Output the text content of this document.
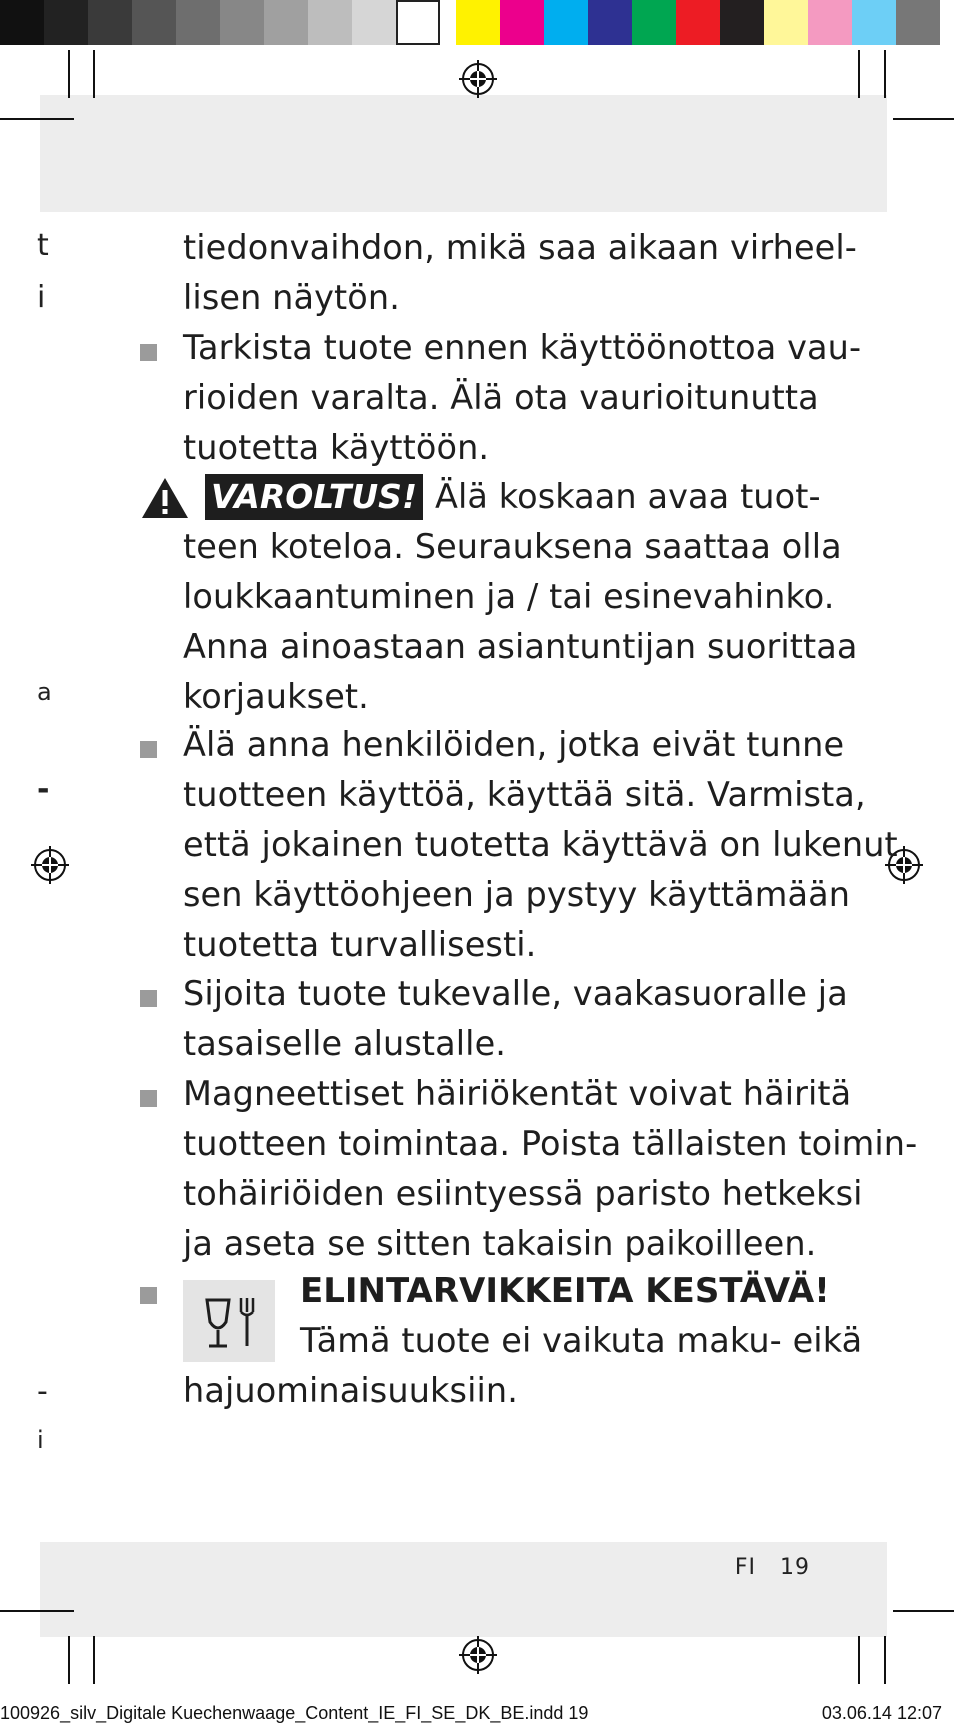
t
i
a
-
-
i
tiedonvaihdon, mikä saa aikaan virheel-
lisen näytön.
Tarkista tuote ennen käyttöönottoa vau-
rioiden varalta. Älä ota vaurioitunutta
tuotetta käyttöön.
VAROLTUS! Älä koskaan avaa tuot-
teen koteloa. Seurauksena saattaa olla
loukkaantuminen ja / tai esinevahinko.
Anna ainoastaan asiantuntijan suorittaa
korjaukset.
Älä anna henkilöiden, jotka eivät tunne
tuotteen käyttöä, käyttää sitä. Varmista,
että jokainen tuotetta käyttävä on lukenut
sen käyttöohjeen ja pystyy käyttämään
tuotetta turvallisesti.
Sijoita tuote tukevalle, vaakasuoralle ja
tasaiselle alustalle.
Magneettiset häiriökentät voivat häiritä
tuotteen toimintaa. Poista tällaisten toimin-
tohäiriöiden esiintyessä paristo hetkeksi
ja aseta se sitten takaisin paikoilleen.
ELINTARVIKKEITA KESTÄVÄ!
Tämä tuote ei vaikuta maku- eikä
hajuominaisuuksiin.
FI 19
100926_silv_Digitale Kuechenwaage_Content_IE_FI_SE_DK_BE.indd 19	03.06.14 12:07
